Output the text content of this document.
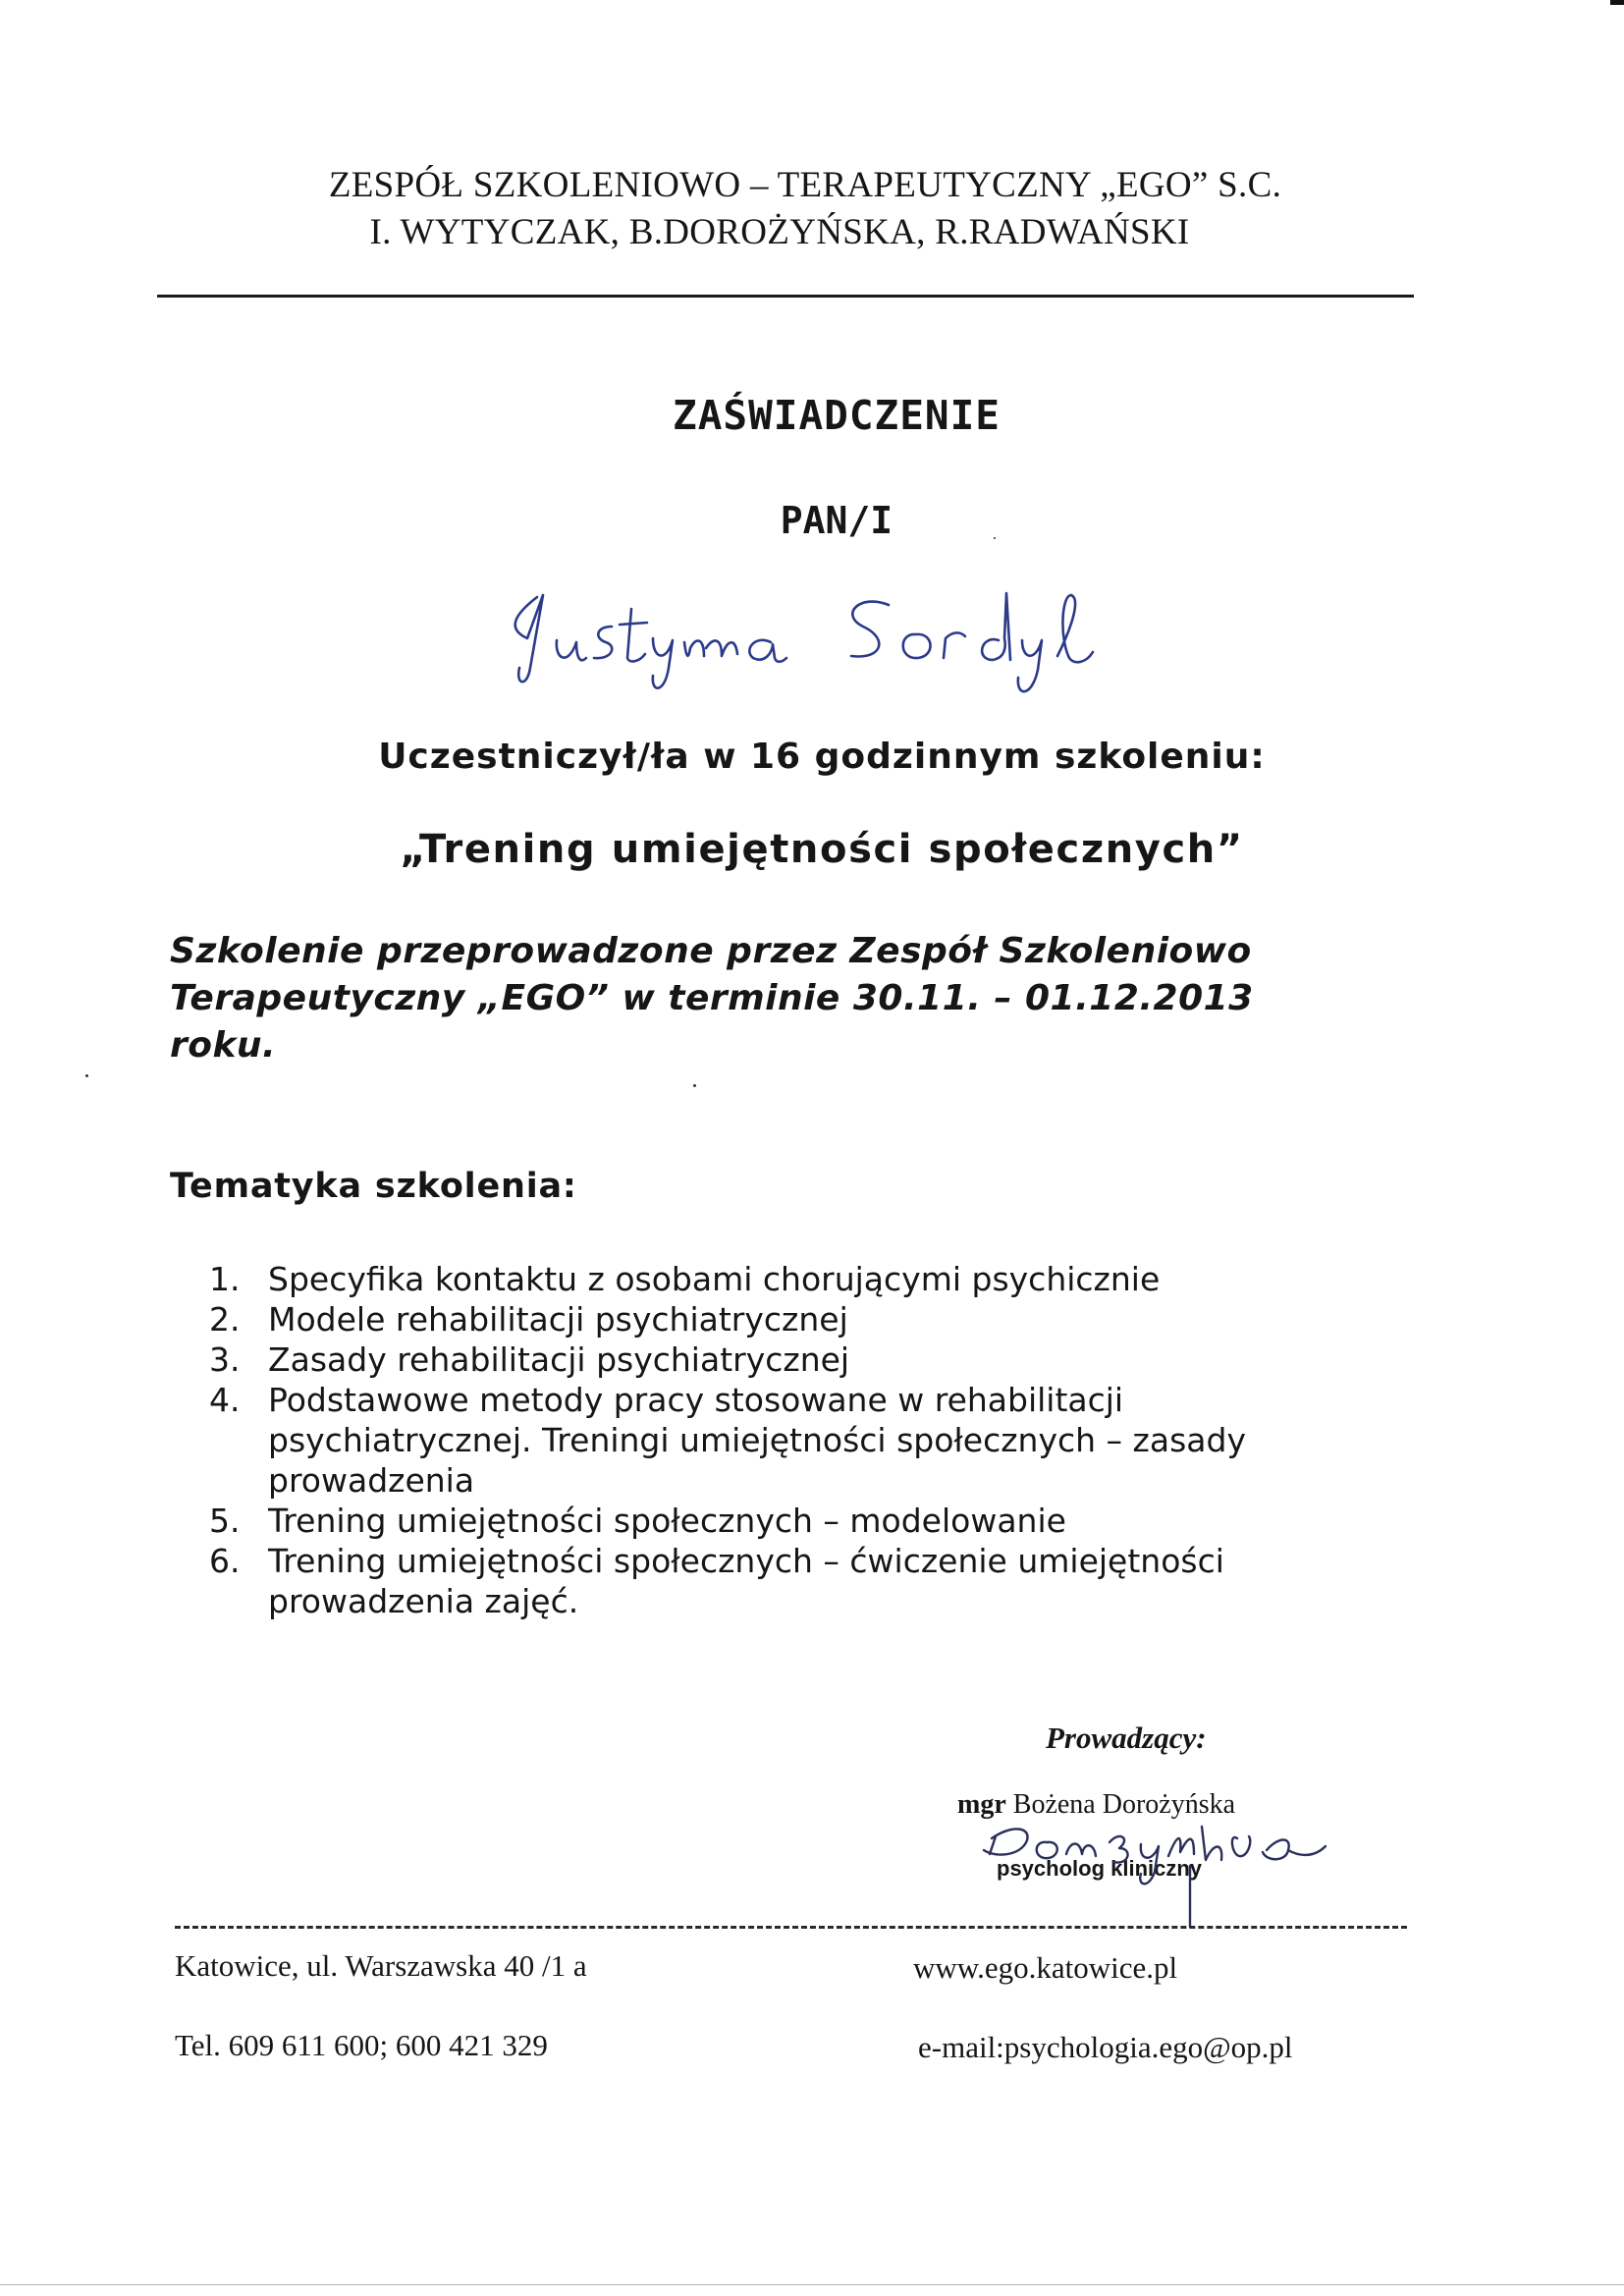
ZESPÓŁ SZKOLENIOWO – TERAPEUTYCZNY „EGO” S.C.
I. WYTYCZAK, B.DOROŻYŃSKA, R.RADWAŃSKI
ZAŚWIADCZENIE
PAN/I
Uczestniczył/ła w 16 godzinnym szkoleniu:
„Trening umiejętności społecznych”
Szkolenie przeprowadzone przez Zespół Szkoleniowo Terapeutyczny „EGO” w terminie 30.11. – 01.12.2013 roku.
Tematyka szkolenia:
1. Specyfika kontaktu z osobami chorującymi psychicznie
2. Modele rehabilitacji psychiatrycznej
3. Zasady rehabilitacji psychiatrycznej
4. Podstawowe metody pracy stosowane w rehabilitacji psychiatrycznej. Treningi umiejętności społecznych – zasady prowadzenia
5. Trening umiejętności społecznych – modelowanie
6. Trening umiejętności społecznych – ćwiczenie umiejętności prowadzenia zajęć.
Prowadzący:
mgr Bożena Dorożyńska
psycholog kliniczny
Katowice, ul. Warszawska 40 /1 a	www.ego.katowice.pl
Tel. 609 611 600; 600 421 329	e-mail:psychologia.ego@op.pl
